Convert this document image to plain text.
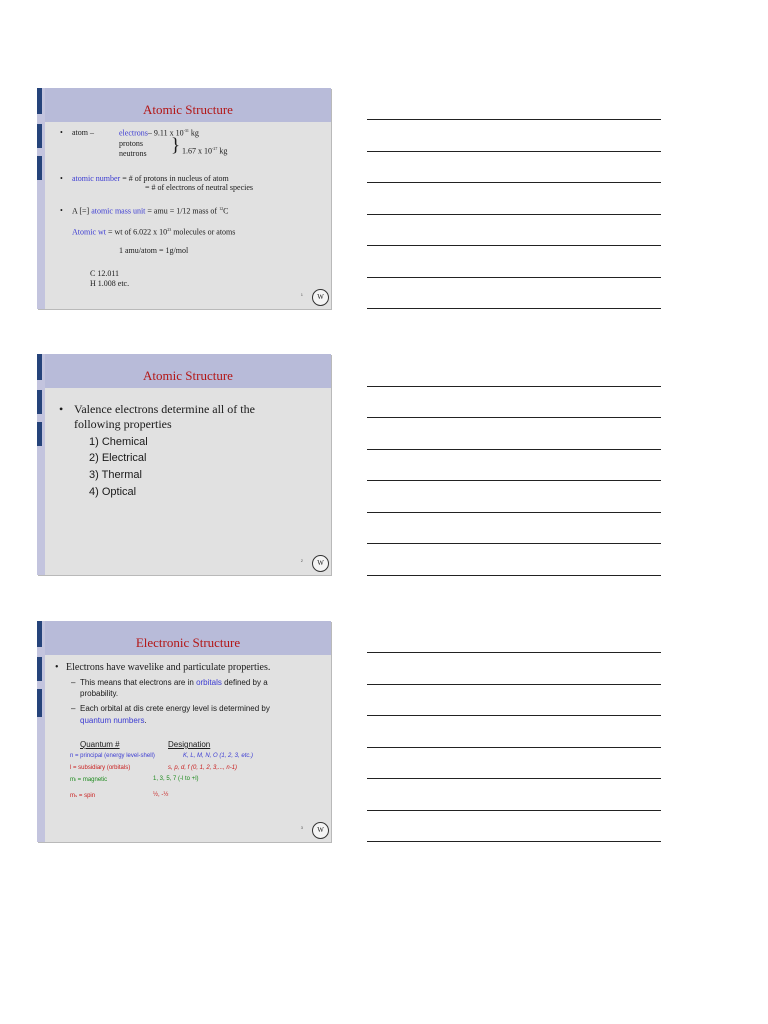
Atomic Structure
• atom –	electrons– 9.11 x $10^{-31}$ kg
protons
neutrons } 1.67 x $10^{-27}$ kg
• atomic number = # of protons in nucleus of atom
= # of electrons of neutral species
• A [=] atomic mass unit = amu = 1/12 mass of $^{12}$C
Atomic wt = wt of 6.022 x $10^{23}$ molecules or atoms
1 amu/atom = 1g/mol
C 12.011
H 1.008 etc.
1	W
Atomic Structure
• Valence electrons determine all of the following properties
1) Chemical
2) Electrical
3) Thermal
4) Optical
2	W
Electronic Structure
• Electrons have wavelike and particulate properties.
– This means that electrons are in orbitals defined by a
probability.
– Each orbital at dis crete energy level is determined by
quantum numbers.
Quantum #	Designation
n = principal (energy level-shell)	K, L, M, N, O (1, 2, 3, etc.)
l = subsidiary (orbitals)	s, p, d, f (0, 1, 2, 3,..., n-1)
mₗ = magnetic	1, 3, 5, 7 (-l to +l)
mₛ = spin	½, -½
3	W
